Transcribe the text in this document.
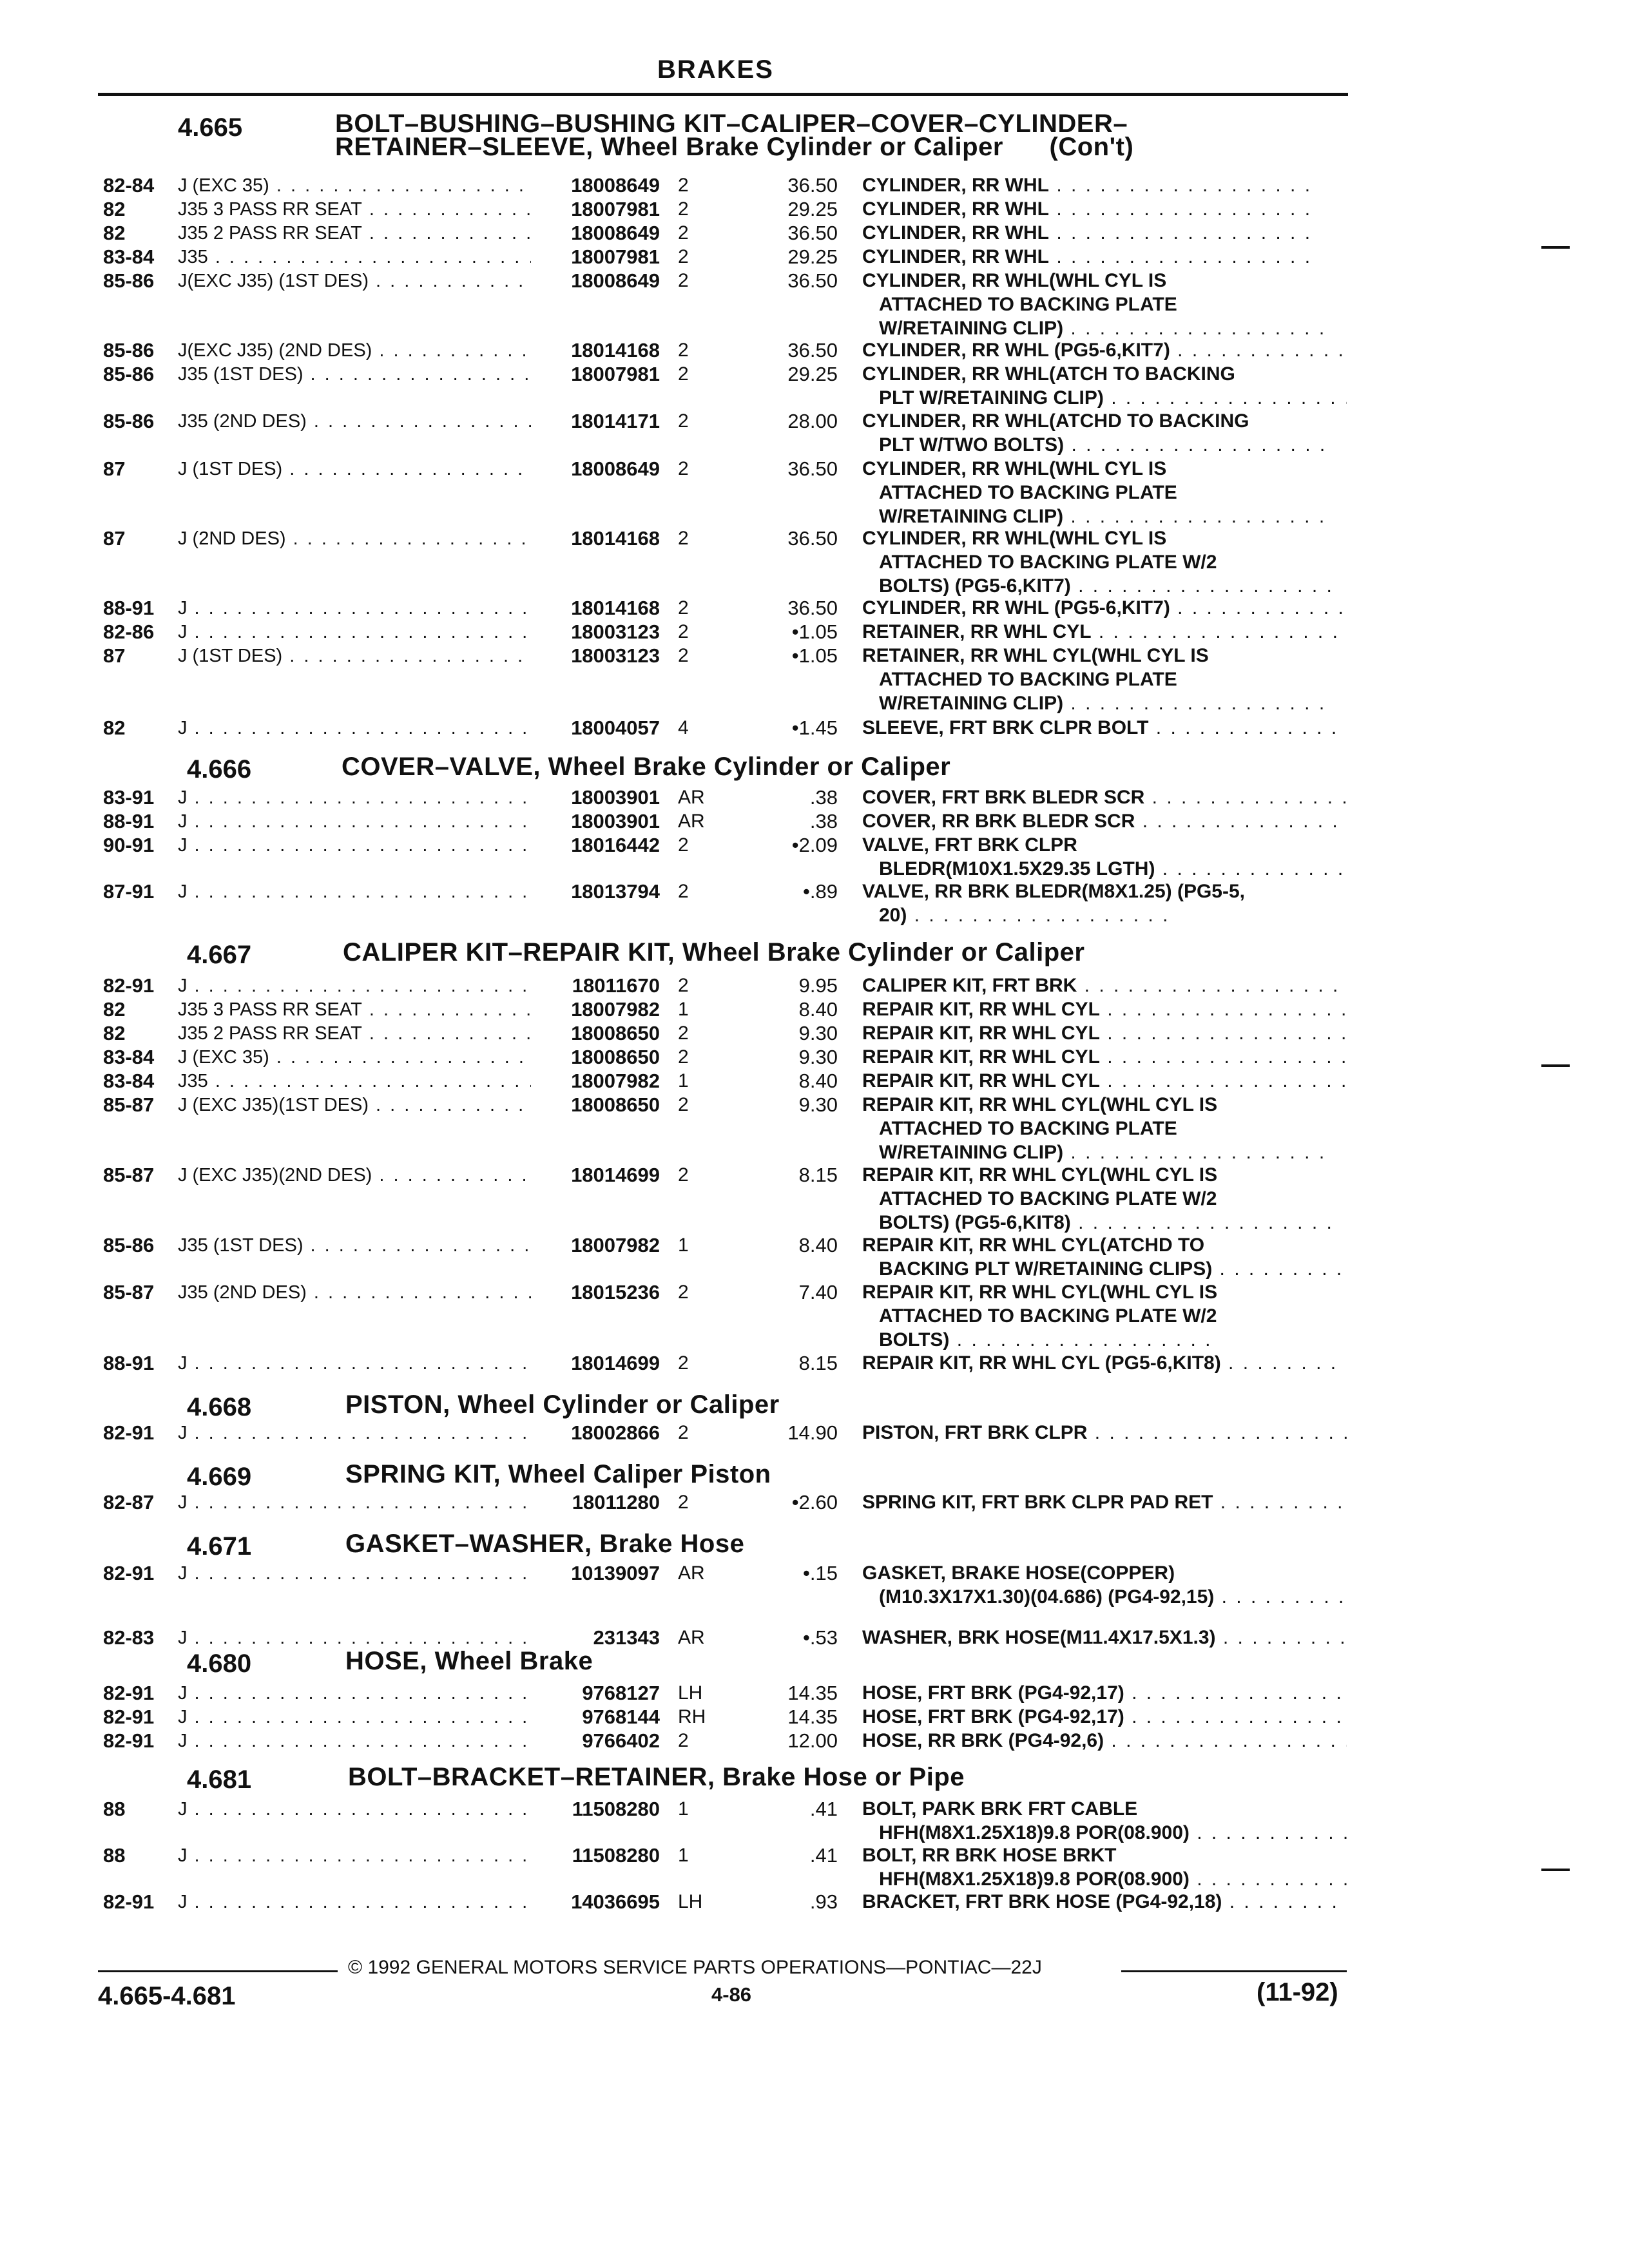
BRAKES
4.665	BOLT–BUSHING–BUSHING KIT–CALIPER–COVER–CYLINDER–
RETAINER–SLEEVE, Wheel Brake Cylinder or Caliper (Con't)
4.666	COVER–VALVE, Wheel Brake Cylinder or Caliper
4.667	CALIPER KIT–REPAIR KIT, Wheel Brake Cylinder or Caliper
4.668	PISTON, Wheel Cylinder or Caliper
4.669	SPRING KIT, Wheel Caliper Piston
4.671	GASKET–WASHER, Brake Hose
4.680	HOSE, Wheel Brake
4.681	BOLT–BRACKET–RETAINER, Brake Hose or Pipe
82-84 J (EXC 35) . . .	18008649 2	36.50 CYLINDER, RR WHL . . .
82	J35 3 PASS RR SEAT . . .	18007981 2	29.25 CYLINDER, RR WHL . . .
82	J35 2 PASS RR SEAT . . .	18008649 2	36.50 CYLINDER, RR WHL . . .
83-84 J35 . . .	18007981 2	29.25 CYLINDER, RR WHL . . .
85-86 J(EXC J35) (1ST DES) . . .	18008649 2	36.50 CYLINDER, RR WHL(WHL CYL IS
ATTACHED TO BACKING PLATE
W/RETAINING CLIP) . . .
85-86 J(EXC J35) (2ND DES) . . .	18014168 2	36.50 CYLINDER, RR WHL (PG5-6,KIT7) . . .
85-86 J35 (1ST DES) . . .	18007981 2	29.25 CYLINDER, RR WHL(ATCH TO BACKING
PLT W/RETAINING CLIP) . . .
85-86 J35 (2ND DES) . . .	18014171 2	28.00 CYLINDER, RR WHL(ATCHD TO BACKING
PLT W/TWO BOLTS) . . .
87	J (1ST DES) . . .	18008649 2	36.50 CYLINDER, RR WHL(WHL CYL IS
ATTACHED TO BACKING PLATE
W/RETAINING CLIP) . . .
87	J (2ND DES) . . .	18014168 2	36.50 CYLINDER, RR WHL(WHL CYL IS
ATTACHED TO BACKING PLATE W/2
BOLTS) (PG5-6,KIT7) . . .
88-91 J . . .	18014168 2	36.50 CYLINDER, RR WHL (PG5-6,KIT7) . . .
82-86 J . . .	18003123 2	•1.05 RETAINER, RR WHL CYL . . .
87	J (1ST DES) . . .	18003123 2	•1.05 RETAINER, RR WHL CYL(WHL CYL IS
ATTACHED TO BACKING PLATE
W/RETAINING CLIP) . . .
82	J . . .	18004057 4	•1.45 SLEEVE, FRT BRK CLPR BOLT . . .
83-91 J . . .	18003901 AR	.38 COVER, FRT BRK BLEDR SCR . . .
88-91 J . . .	18003901 AR	.38 COVER, RR BRK BLEDR SCR . . .
90-91 J . . .	18016442 2	•2.09 VALVE, FRT BRK CLPR
BLEDR(M10X1.5X29.35 LGTH) . . .
87-91 J . . .	18013794 2	•.89 VALVE, RR BRK BLEDR(M8X1.25) (PG5-5,
20) . . .
82-91 J . . .	18011670 2	9.95 CALIPER KIT, FRT BRK . . .
82	J35 3 PASS RR SEAT . . .	18007982 1	8.40 REPAIR KIT, RR WHL CYL . . .
82	J35 2 PASS RR SEAT . . .	18008650 2	9.30 REPAIR KIT, RR WHL CYL . . .
83-84 J (EXC 35) . . .	18008650 2	9.30 REPAIR KIT, RR WHL CYL . . .
83-84 J35 . . .	18007982 1	8.40 REPAIR KIT, RR WHL CYL . . .
85-87 J (EXC J35)(1ST DES) . . .	18008650 2	9.30 REPAIR KIT, RR WHL CYL(WHL CYL IS
ATTACHED TO BACKING PLATE
W/RETAINING CLIP) . . .
85-87 J (EXC J35)(2ND DES) . . .	18014699 2	8.15 REPAIR KIT, RR WHL CYL(WHL CYL IS
ATTACHED TO BACKING PLATE W/2
BOLTS) (PG5-6,KIT8) . . .
85-86 J35 (1ST DES) . . .	18007982 1	8.40 REPAIR KIT, RR WHL CYL(ATCHD TO
BACKING PLT W/RETAINING CLIPS) . . .
85-87 J35 (2ND DES) . . .	18015236 2	7.40 REPAIR KIT, RR WHL CYL(WHL CYL IS
ATTACHED TO BACKING PLATE W/2
BOLTS) . . .
88-91 J . . .	18014699 2	8.15 REPAIR KIT, RR WHL CYL (PG5-6,KIT8) . . .
82-91 J . . .	18002866 2	14.90 PISTON, FRT BRK CLPR . . .
82-87 J . . .	18011280 2	•2.60 SPRING KIT, FRT BRK CLPR PAD RET . . .
82-91 J . . .	10139097 AR	•.15 GASKET, BRAKE HOSE(COPPER)
(M10.3X17X1.30)(04.686) (PG4-92,15) . . .
82-83 J . . .	231343 AR	•.53 WASHER, BRK HOSE(M11.4X17.5X1.3) . . .
82-91 J . . .	9768127 LH	14.35 HOSE, FRT BRK (PG4-92,17) . . .
82-91 J . . .	9768144 RH	14.35 HOSE, FRT BRK (PG4-92,17) . . .
82-91 J . . .	9766402 2	12.00 HOSE, RR BRK (PG4-92,6) . . .
88	J . . .	11508280 1	.41 BOLT, PARK BRK FRT CABLE
HFH(M8X1.25X18)9.8 POR(08.900) . . .
88	J . . .	11508280 1	.41 BOLT, RR BRK HOSE BRKT
HFH(M8X1.25X18)9.8 POR(08.900) . . .
82-91 J . . .	14036695 LH	.93 BRACKET, FRT BRK HOSE (PG4-92,18) . . .
© 1992 GENERAL MOTORS SERVICE PARTS OPERATIONS—PONTIAC—22J
4.665-4.681	4-86	(11-92)
